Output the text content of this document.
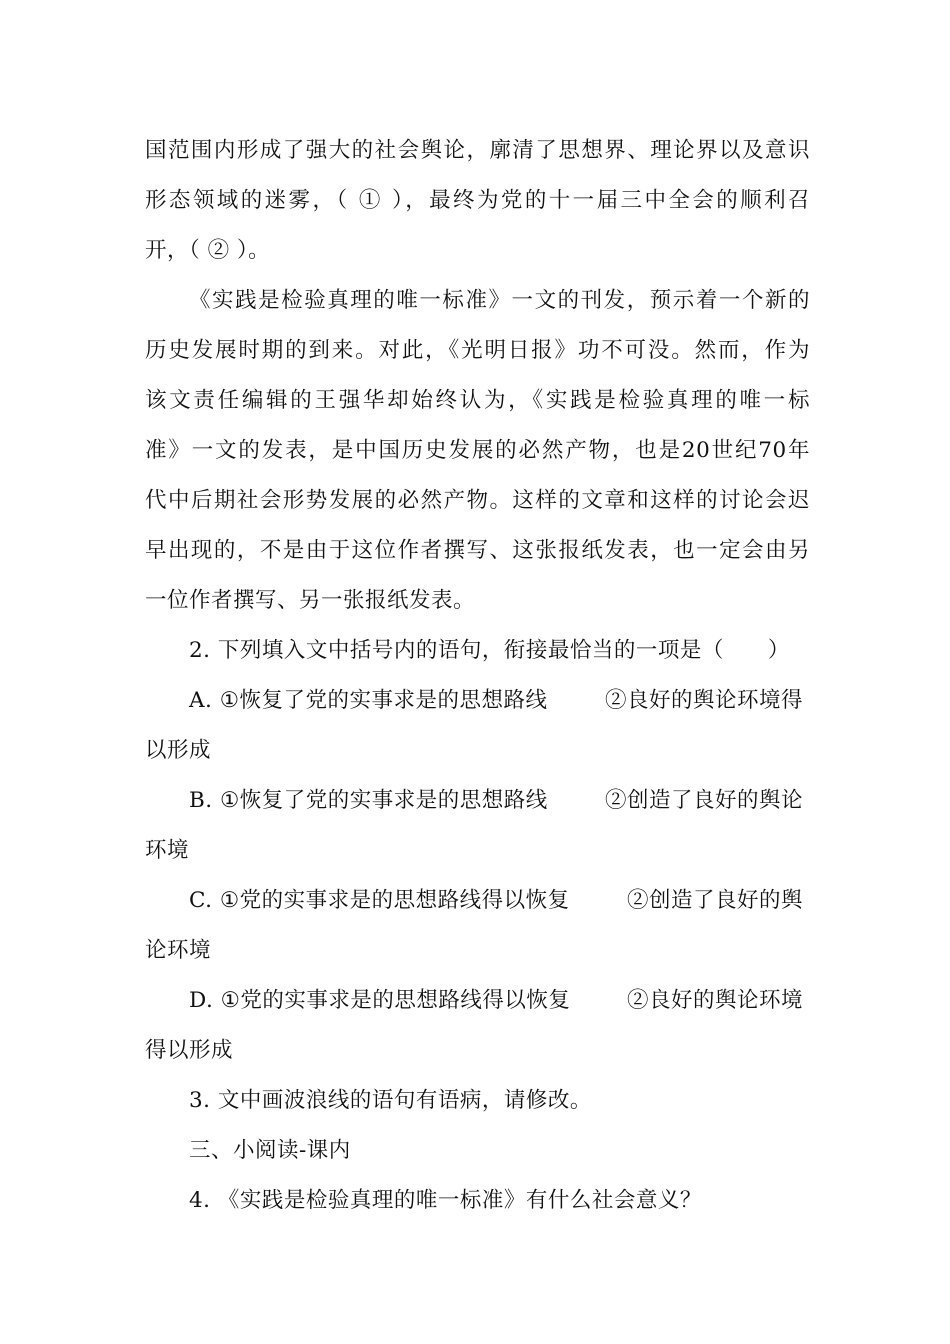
国范围内形成了强大的社会舆论，廓清了思想界、理论界以及意识
形态领域的迷雾，（ ① ），最终为党的十一届三中全会的顺利召
开，（ ② ）。
《实践是检验真理的唯一标准》一文的刊发，预示着一个新的
历史发展时期的到来。对此，《光明日报》功不可没。然而，作为
该文责任编辑的王强华却始终认为，《实践是检验真理的唯一标
准》一文的发表，是中国历史发展的必然产物，也是20世纪70年
代中后期社会形势发展的必然产物。这样的文章和这样的讨论会迟
早出现的，不是由于这位作者撰写、这张报纸发表，也一定会由另
一位作者撰写、另一张报纸发表。
2. 下列填入文中括号内的语句，衔接最恰当的一项是（　　）
A. ①恢复了党的实事求是的思想路线	②良好的舆论环境得
以形成
B. ①恢复了党的实事求是的思想路线	②创造了良好的舆论
环境
C. ①党的实事求是的思想路线得以恢复	②创造了良好的舆
论环境
D. ①党的实事求是的思想路线得以恢复	②良好的舆论环境
得以形成
3. 文中画波浪线的语句有语病，请修改。
三、小阅读-课内
4. 《实践是检验真理的唯一标准》有什么社会意义？
